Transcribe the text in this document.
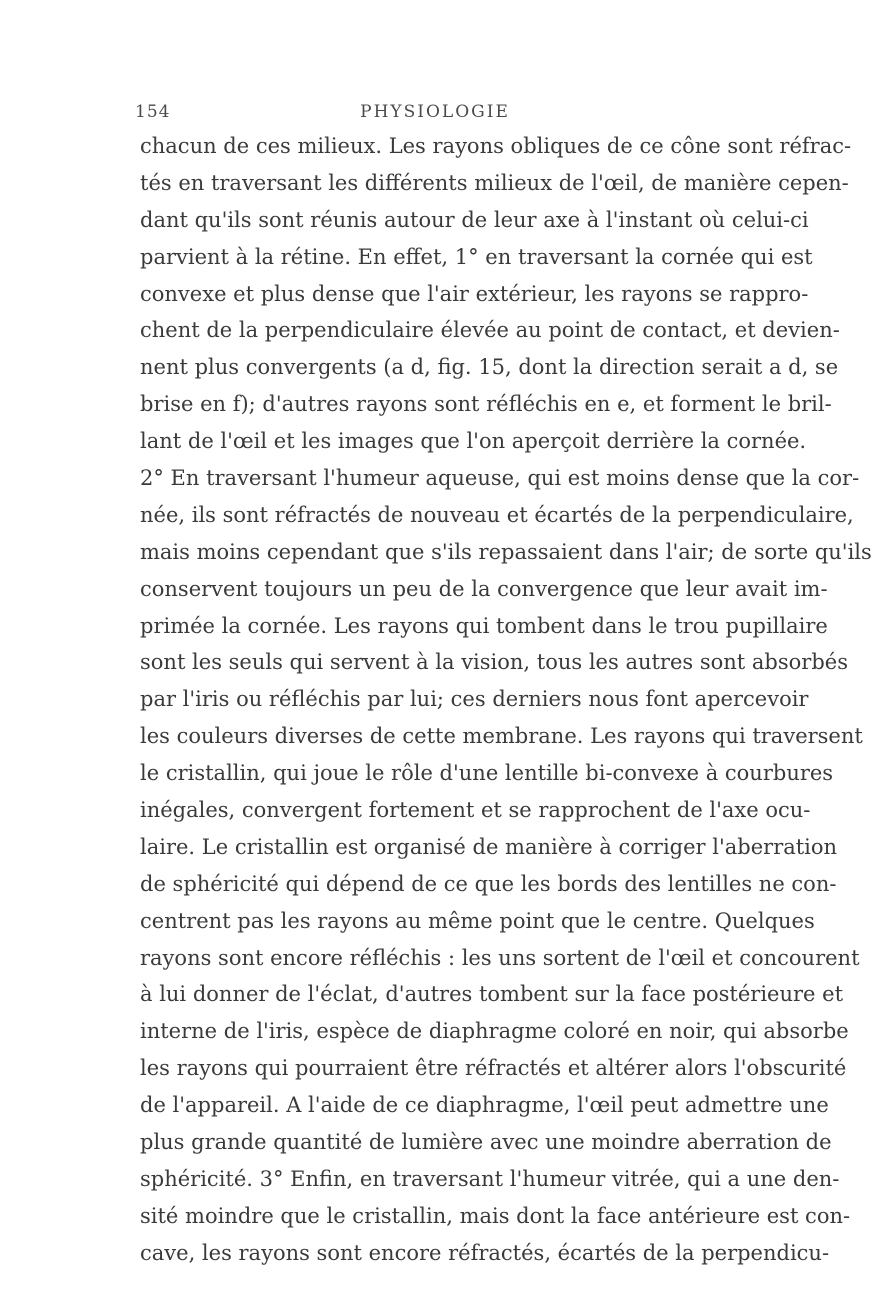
154	PHYSIOLOGIE
chacun de ces milieux. Les rayons obliques de ce cône sont réfrac-
tés en traversant les différents milieux de l'œil, de manière cepen-
dant qu'ils sont réunis autour de leur axe à l'instant où celui-ci
parvient à la rétine. En effet, 1° en traversant la cornée qui est
convexe et plus dense que l'air extérieur, les rayons se rappro-
chent de la perpendiculaire élevée au point de contact, et devien-
nent plus convergents (a d, fig. 15, dont la direction serait a d, se
brise en f); d'autres rayons sont réfléchis en e, et forment le bril-
lant de l'œil et les images que l'on aperçoit derrière la cornée.
2° En traversant l'humeur aqueuse, qui est moins dense que la cor-
née, ils sont réfractés de nouveau et écartés de la perpendiculaire,
mais moins cependant que s'ils repassaient dans l'air; de sorte qu'ils
conservent toujours un peu de la convergence que leur avait im-
primée la cornée. Les rayons qui tombent dans le trou pupillaire
sont les seuls qui servent à la vision, tous les autres sont absorbés
par l'iris ou réfléchis par lui; ces derniers nous font apercevoir
les couleurs diverses de cette membrane. Les rayons qui traversent
le cristallin, qui joue le rôle d'une lentille bi-convexe à courbures
inégales, convergent fortement et se rapprochent de l'axe ocu-
laire. Le cristallin est organisé de manière à corriger l'aberration
de sphéricité qui dépend de ce que les bords des lentilles ne con-
centrent pas les rayons au même point que le centre. Quelques
rayons sont encore réfléchis : les uns sortent de l'œil et concourent
à lui donner de l'éclat, d'autres tombent sur la face postérieure et
interne de l'iris, espèce de diaphragme coloré en noir, qui absorbe
les rayons qui pourraient être réfractés et altérer alors l'obscurité
de l'appareil. A l'aide de ce diaphragme, l'œil peut admettre une
plus grande quantité de lumière avec une moindre aberration de
sphéricité. 3° Enfin, en traversant l'humeur vitrée, qui a une den-
sité moindre que le cristallin, mais dont la face antérieure est con-
cave, les rayons sont encore réfractés, écartés de la perpendicu-
